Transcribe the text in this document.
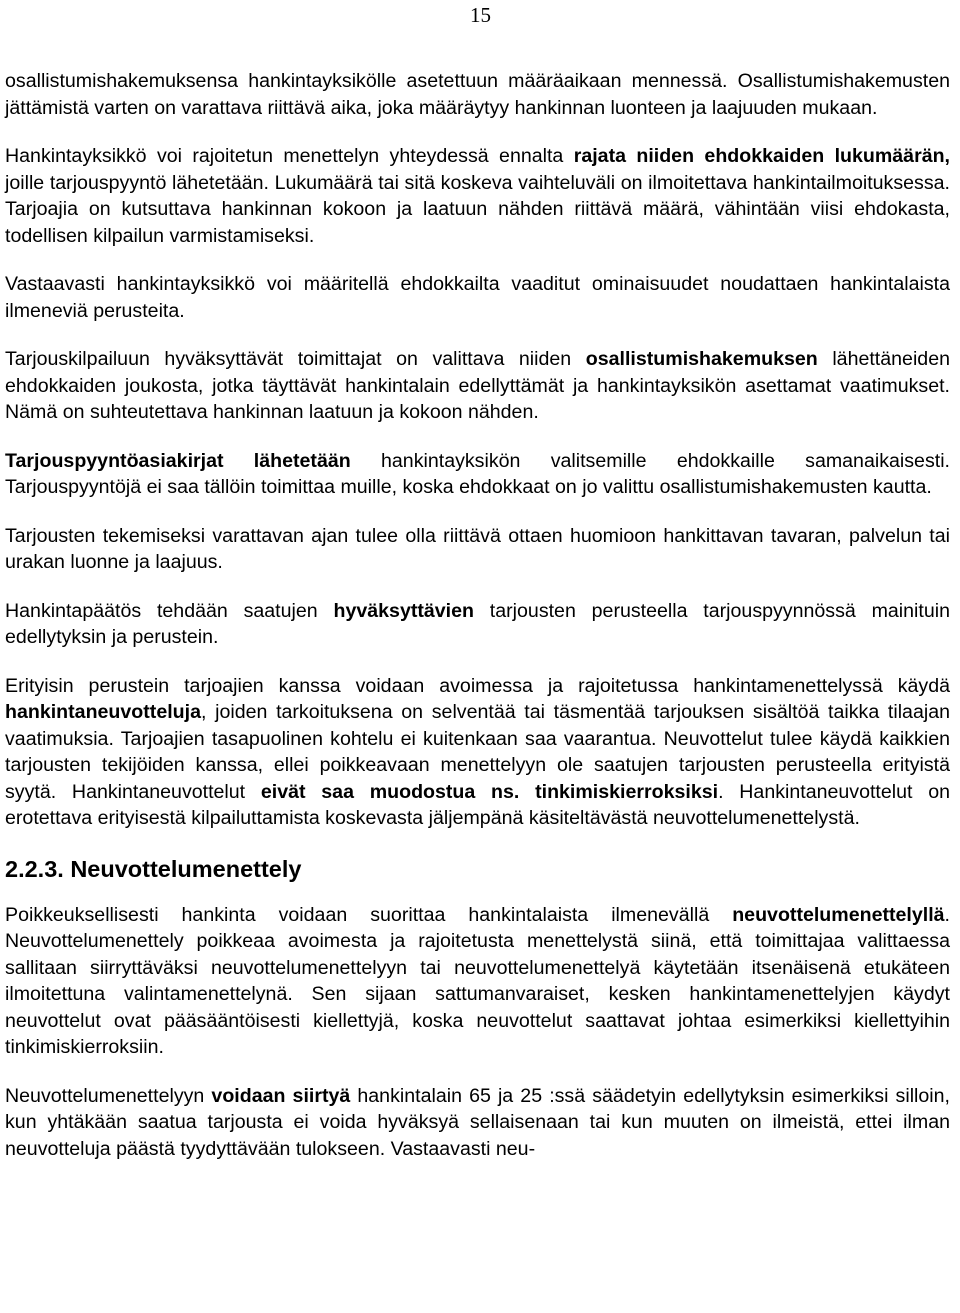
15

osallistumishakemuksensa hankintayksikölle asetettuun määräaikaan mennessä. Osallistumishakemusten jättämistä varten on varattava riittävä aika, joka määräytyy hankinnan luonteen ja laajuuden mukaan.

Hankintayksikkö voi rajoitetun menettelyn yhteydessä ennalta rajata niiden ehdokkaiden lukumäärän, joille tarjouspyyntö lähetetään. Lukumäärä tai sitä koskeva vaihteluväli on ilmoitettava hankintailmoituksessa. Tarjoajia on kutsuttava hankinnan kokoon ja laatuun nähden riittävä määrä, vähintään viisi ehdokasta, todellisen kilpailun varmistamiseksi.

Vastaavasti hankintayksikkö voi määritellä ehdokkailta vaaditut ominaisuudet noudattaen hankintalaista ilmeneviä perusteita.

Tarjouskilpailuun hyväksyttävät toimittajat on valittava niiden osallistumishakemuksen lähettäneiden ehdokkaiden joukosta, jotka täyttävät hankintalain edellyttämät ja hankintayksikön asettamat vaatimukset. Nämä on suhteutettava hankinnan laatuun ja kokoon nähden.

Tarjouspyyntöasiakirjat lähetetään hankintayksikön valitsemille ehdokkaille samanaikaisesti. Tarjouspyyntöjä ei saa tällöin toimittaa muille, koska ehdokkaat on jo valittu osallistumishakemusten kautta.

Tarjousten tekemiseksi varattavan ajan tulee olla riittävä ottaen huomioon hankittavan tavaran, palvelun tai urakan luonne ja laajuus.

Hankintapäätös tehdään saatujen hyväksyttävien tarjousten perusteella tarjouspyynnössä mainituin edellytyksin ja perustein.

Erityisin perustein tarjoajien kanssa voidaan avoimessa ja rajoitetussa hankintamenettelyssä käydä hankintaneuvotteluja, joiden tarkoituksena on selventää tai täsmentää tarjouksen sisältöä taikka tilaajan vaatimuksia. Tarjoajien tasapuolinen kohtelu ei kuitenkaan saa vaarantua. Neuvottelut tulee käydä kaikkien tarjousten tekijöiden kanssa, ellei poikkeavaan menettelyyn ole saatujen tarjousten perusteella erityistä syytä. Hankintaneuvottelut eivät saa muodostua ns. tinkimiskierroksiksi. Hankintaneuvottelut on erotettava erityisestä kilpailuttamista koskevasta jäljempänä käsiteltävästä neuvottelumenettelystä.

2.2.3. Neuvottelumenettely

Poikkeuksellisesti hankinta voidaan suorittaa hankintalaista ilmenevällä neuvottelumenettelyllä. Neuvottelumenettely poikkeaa avoimesta ja rajoitetusta menettelystä siinä, että toimittajaa valittaessa sallitaan siirryttäväksi neuvottelumenettelyyn tai neuvottelumenettelyä käytetään itsenäisenä etukäteen ilmoitettuna valintamenettelynä. Sen sijaan sattumanvaraiset, kesken hankintamenettelyjen käydyt neuvottelut ovat pääsääntöisesti kiellettyjä, koska neuvottelut saattavat johtaa esimerkiksi kiellettyihin tinkimiskierroksiin.

Neuvottelumenettelyyn voidaan siirtyä hankintalain 65 ja 25 :ssä säädetyin edellytyksin esimerkiksi silloin, kun yhtäkään saatua tarjousta ei voida hyväksyä sellaisenaan tai kun muuten on ilmeistä, ettei ilman neuvotteluja päästä tyydyttävään tulokseen. Vastaavasti neu-
